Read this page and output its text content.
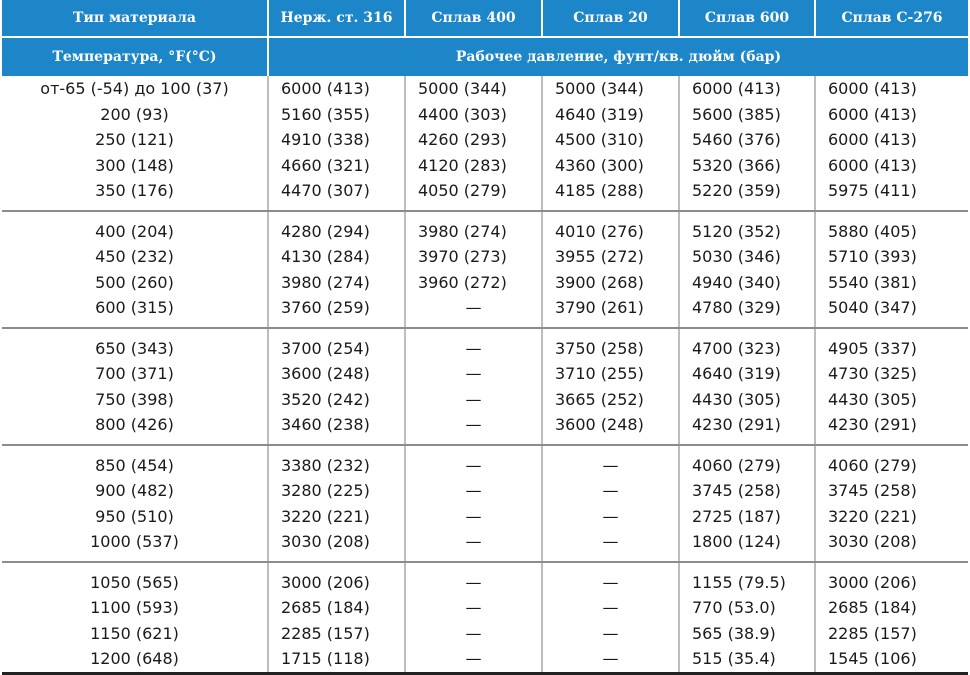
Тип материала	Нерж. ст. 316	Сплав 400	Сплав 20	Сплав 600	Сплав С-276
Температура, °F(°C)	Рабочее давление, фунт/кв. дюйм (бар)				
от-65 (-54) до 100 (37)	6000 (413)	5000 (344)	5000 (344)	6000 (413)	6000 (413)
200 (93)	5160 (355)	4400 (303)	4640 (319)	5600 (385)	6000 (413)
250 (121)	4910 (338)	4260 (293)	4500 (310)	5460 (376)	6000 (413)
300 (148)	4660 (321)	4120 (283)	4360 (300)	5320 (366)	6000 (413)
350 (176)	4470 (307)	4050 (279)	4185 (288)	5220 (359)	5975 (411)
400 (204)	4280 (294)	3980 (274)	4010 (276)	5120 (352)	5880 (405)
450 (232)	4130 (284)	3970 (273)	3955 (272)	5030 (346)	5710 (393)
500 (260)	3980 (274)	3960 (272)	3900 (268)	4940 (340)	5540 (381)
600 (315)	3760 (259)	—	3790 (261)	4780 (329)	5040 (347)
650 (343)	3700 (254)	—	3750 (258)	4700 (323)	4905 (337)
700 (371)	3600 (248)	—	3710 (255)	4640 (319)	4730 (325)
750 (398)	3520 (242)	—	3665 (252)	4430 (305)	4430 (305)
800 (426)	3460 (238)	—	3600 (248)	4230 (291)	4230 (291)
850 (454)	3380 (232)	—	—	4060 (279)	4060 (279)
900 (482)	3280 (225)	—	—	3745 (258)	3745 (258)
950 (510)	3220 (221)	—	—	2725 (187)	3220 (221)
1000 (537)	3030 (208)	—	—	1800 (124)	3030 (208)
1050 (565)	3000 (206)	—	—	1155 (79.5)	3000 (206)
1100 (593)	2685 (184)	—	—	770 (53.0)	2685 (184)
1150 (621)	2285 (157)	—	—	565 (38.9)	2285 (157)
1200 (648)	1715 (118)	—	—	515 (35.4)	1545 (106)
